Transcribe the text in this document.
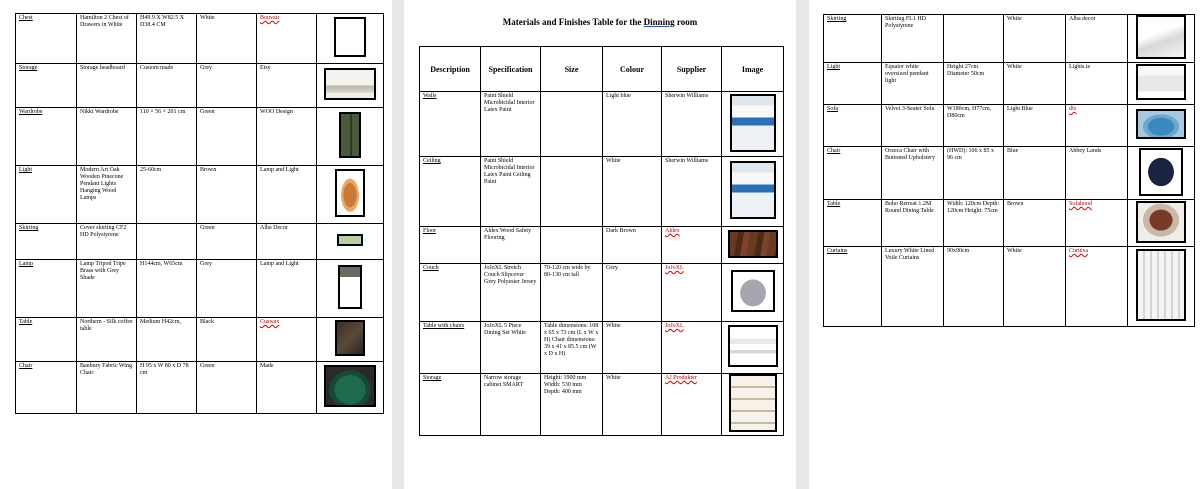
Chest	Hamilton 2 Chest of Drawers in White	H49.9 X W82.5 X D38.4 CM	White	Bouvair	
Storage	Storage headboard	Custom made	Grey	Etsy	
Wardrobe	Nikki Wardrobe	110 × 56 × 201 cm	Green	WOO Design	
Light	Modern Art Oak Wooden Pinecone Pendant Lights Hanging Wood Lamps	25-60cm	Brown	Lamp and Light	
Skirting	Cover skirting CF2 HD Polystyrene		Green	Alba Decor	
Lamp	Lamp Tripod Tripe Brass with Grey Shade	H144cm, W65cm	Grey	Lamp and Light	
Table	Northern - Silk coffee table	Medium H42cm,	Black	Cuswax	
Chair	Banbury Fabric Wing Chair	H 95 x W 80 x D 78 cm	Green	Made	
Materials and Finishes Table for the Dinning room
Description	Specification	Size	Colour	Supplier	Image
Walls	Paint Shield Microbicidal Interior Latex Paint		Light blue	Sherwin Williams	
Ceiling	Paint Shield Microbicidal Interior Latex Paint Ceiling Paint		White	Sherwin Williams	
Floor	Aldex Wood Safety Flooring		Dark Brown	Aldex	
Couch	JoJoXL Stretch Couch Slipcover Grey Polyester Jersey	70-120 cm wide by 80-130 cm tall	Grey	JoJoXL	
Table with chairs	JoJoXL 5 Piece Dining Set White	Table dimensions: 108 x 65 x 73 cm (L x W x H) Chair dimensions: 39 x 41 x 85.5 cm (W x D x H)	White	JoJoXL	
Storage	Narrow storage cabinet SMART	Height: 1900 mm Width: 530 mm Depth: 400 mm	White	AJ Produkter	
Skirting	Skirting FL1 HD Polystyrene		White	Alba decor	
Light	Equator white oversized pendant light	Height 27cm Diameter 50cm	White	Lights.ie	
Sofa	Velvet 3-Seater Sofa	W180cm, H77cm, D80cm	Light Blue	dfs	
Chair	Orzeca Chair with Buttoned Upholstery	(HWD): 106 x 85 x 96 cm	Blue	Abbey Lands	
Table	Boho Retreat 1.2M Round Dining Table	Width: 120cm Depth: 120cm Height: 75cm	Brown	Sofahood	
Curtains	Luxury White Lined Voile Curtains	90x90cm	White	Curtexa	
